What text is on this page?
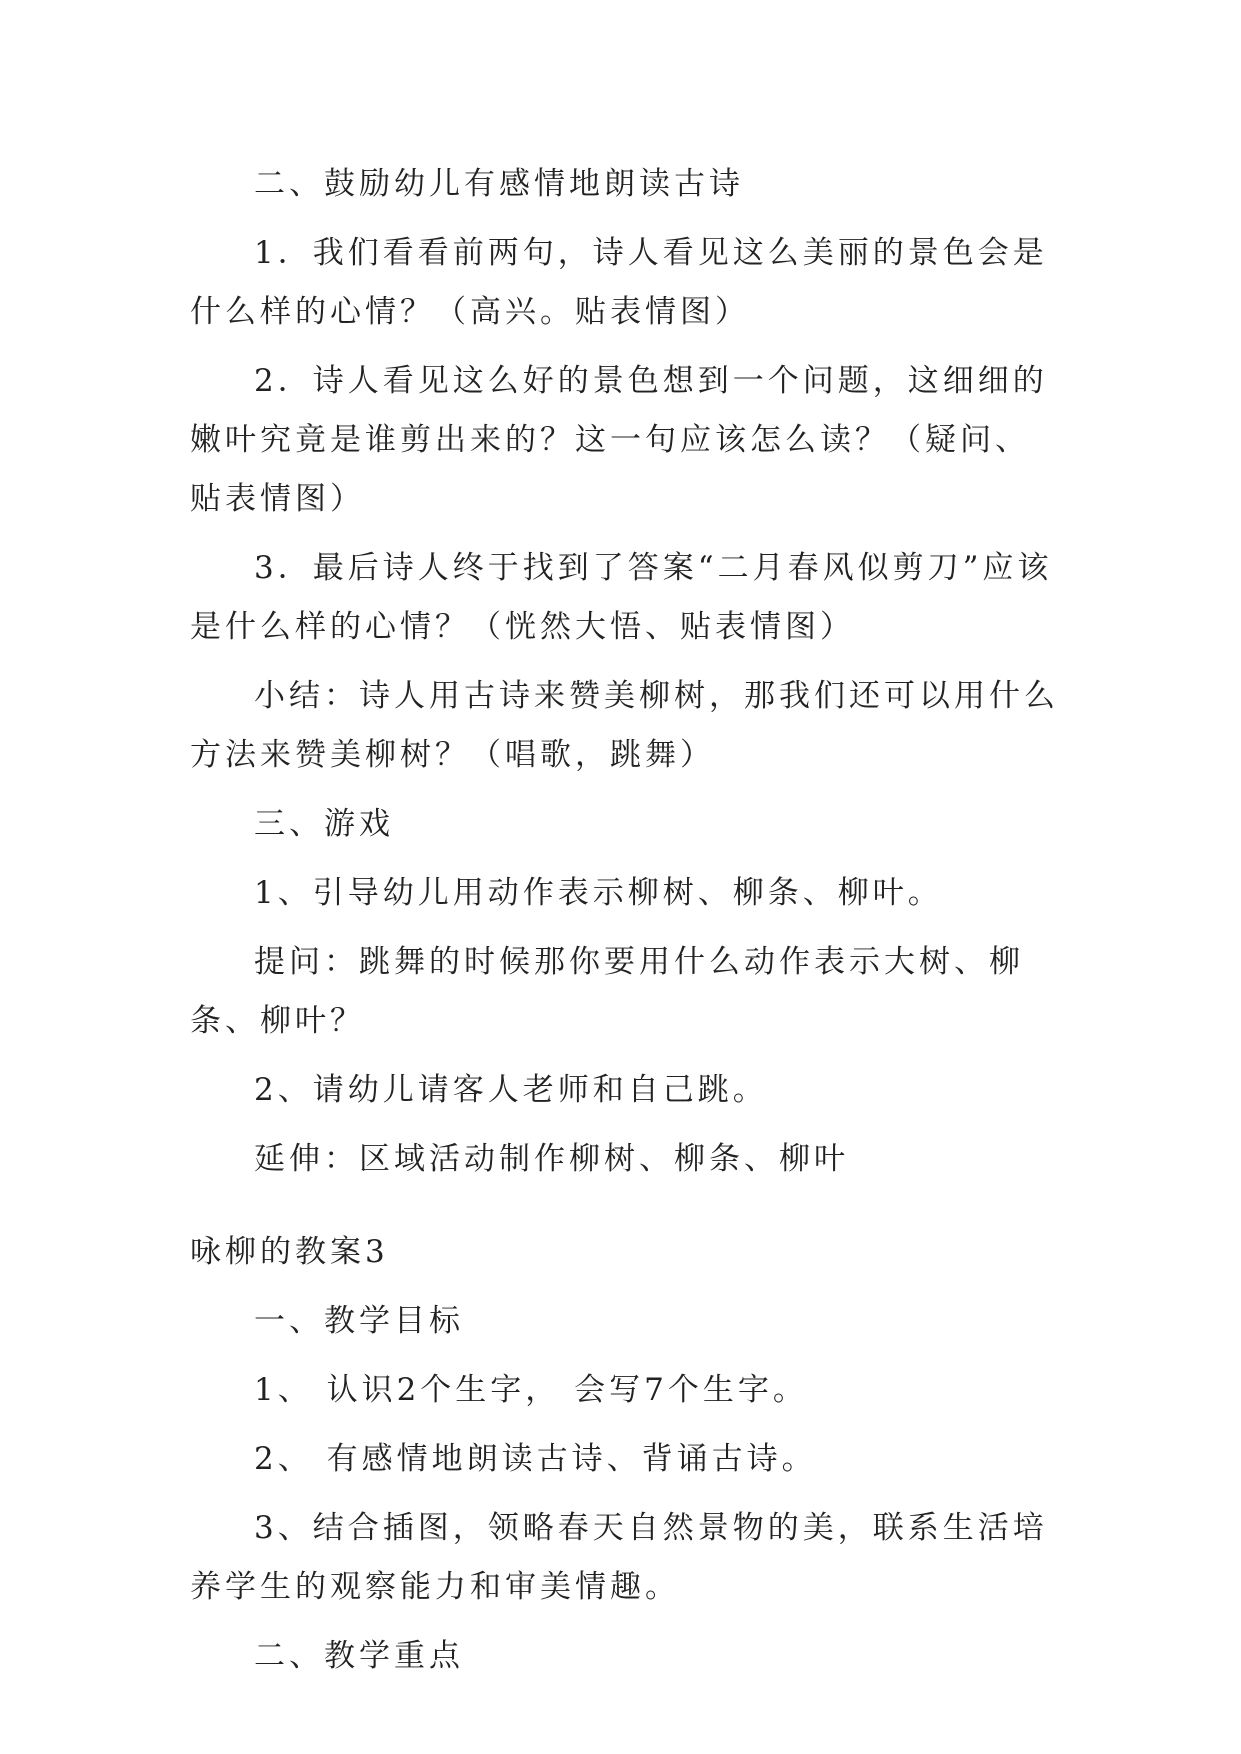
二、鼓励幼儿有感情地朗读古诗
1．我们看看前两句，诗人看见这么美丽的景色会是什么样的心情？（高兴。贴表情图）
2．诗人看见这么好的景色想到一个问题，这细细的嫩叶究竟是谁剪出来的？这一句应该怎么读？（疑问、贴表情图）
3．最后诗人终于找到了答案“二月春风似剪刀”应该是什么样的心情？（恍然大悟、贴表情图）
小结：诗人用古诗来赞美柳树，那我们还可以用什么方法来赞美柳树？（唱歌，跳舞）
三、游戏
1、引导幼儿用动作表示柳树、柳条、柳叶。
提问：跳舞的时候那你要用什么动作表示大树、柳条、柳叶？
2、请幼儿请客人老师和自己跳。
延伸：区域活动制作柳树、柳条、柳叶
咏柳的教案3
一、教学目标
1、 认识2个生字， 会写7个生字。
2、 有感情地朗读古诗、背诵古诗。
3、结合插图，领略春天自然景物的美，联系生活培养学生的观察能力和审美情趣。
二、教学重点
